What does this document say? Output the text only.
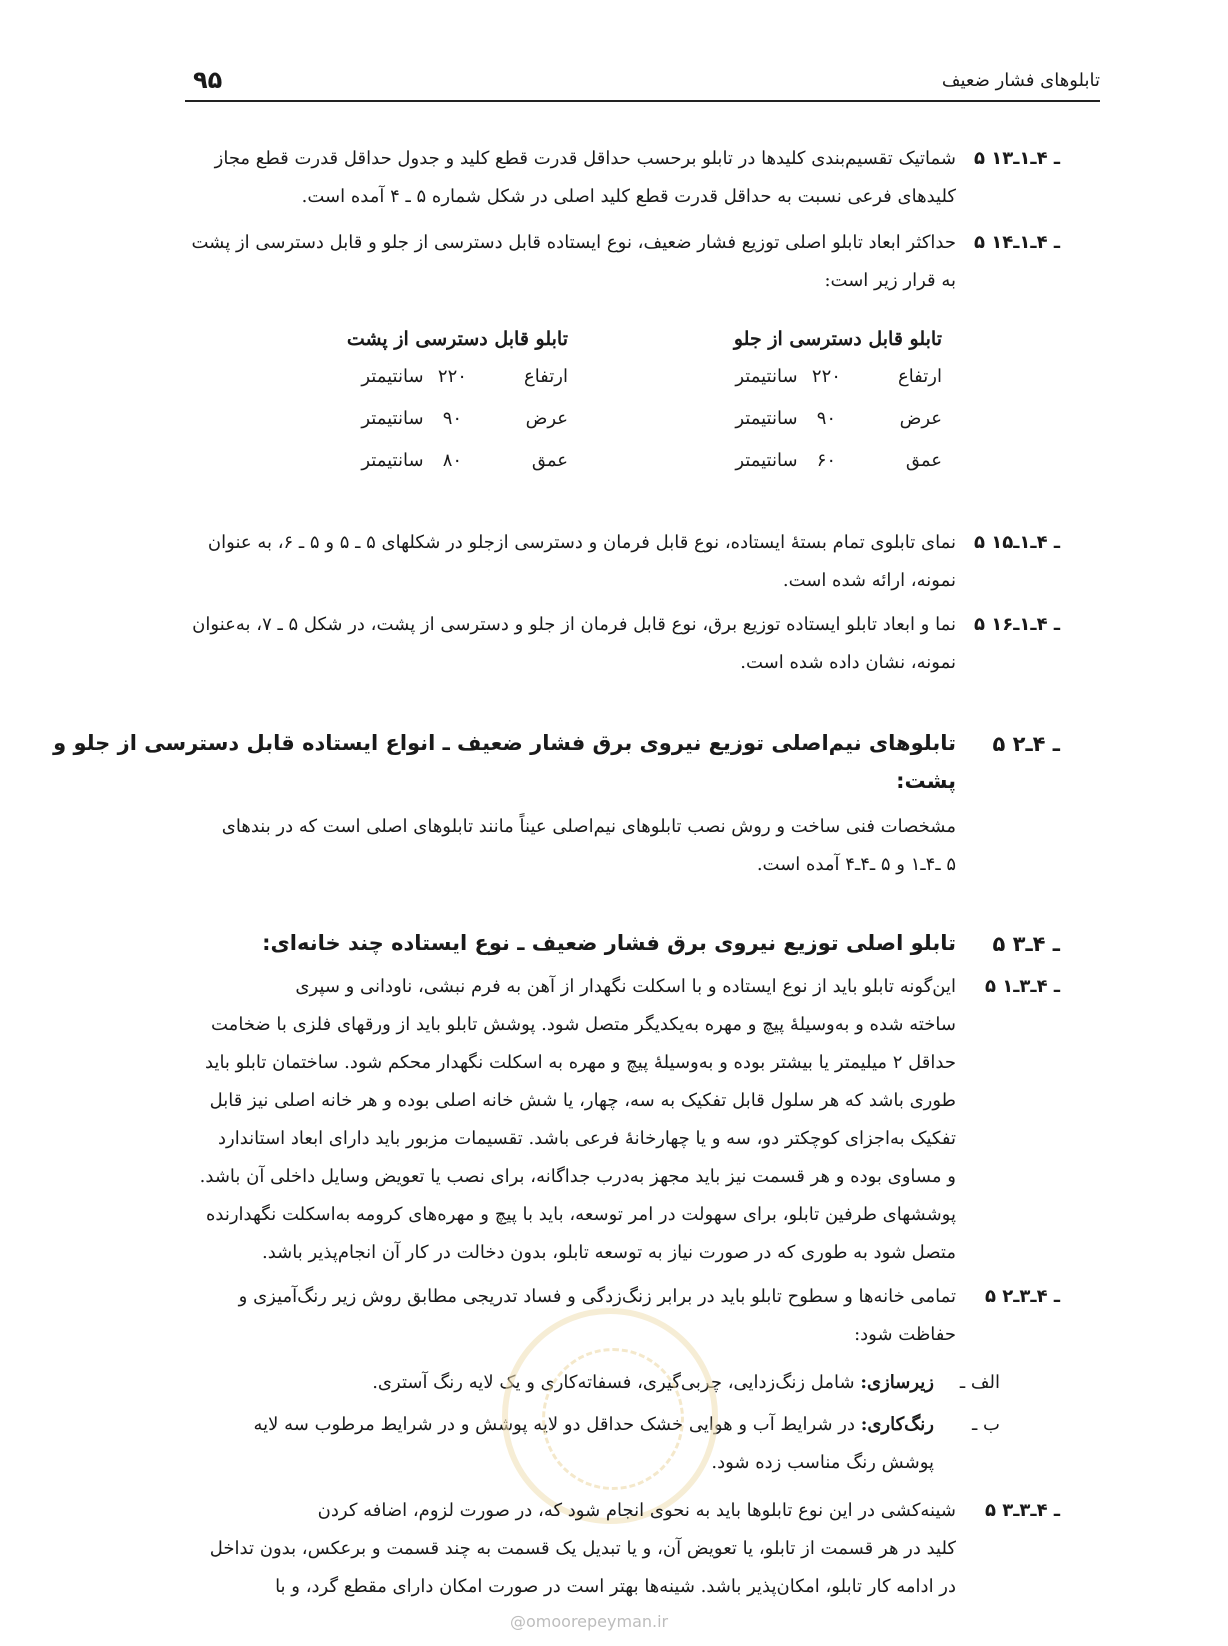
تابلوهای فشار ضعیف
۹۵
۵ ـ ۴ـ۱ـ۱۳
شماتیک تقسیم‌بندی کلیدها در تابلو برحسب حداقل قدرت قطع کلید و جدول حداقل قدرت قطع مجاز
کلیدهای فرعی نسبت به حداقل قدرت قطع کلید اصلی در شکل شماره ۵ ـ ۴ آمده است.
۵ ـ ۴ـ۱ـ۱۴
حداکثر ابعاد تابلو اصلی توزیع فشار ضعیف، نوع ایستاده قابل دسترسی از جلو و قابل دسترسی از پشت
به قرار زیر است:
تابلو قابل دسترسی از جلو
ارتفاع
۲۲۰
سانتیمتر
عرض
۹۰
سانتیمتر
عمق
۶۰
سانتیمتر
تابلو قابل دسترسی از پشت
ارتفاع
۲۲۰
سانتیمتر
عرض
۹۰
سانتیمتر
عمق
۸۰
سانتیمتر
۵ ـ ۴ـ۱ـ۱۵
نمای تابلوی تمام بستهٔ ایستاده، نوع قابل فرمان و دسترسی ازجلو در شکلهای ۵ ـ ۵ و ۵ ـ ۶، به عنوان
نمونه، ارائه شده است.
۵ ـ ۴ـ۱ـ۱۶
نما و ابعاد تابلو ایستاده توزیع برق، نوع قابل فرمان از جلو و دسترسی از پشت، در شکل ۵ ـ ۷، به‌عنوان
نمونه، نشان داده شده است.
۵ ـ ۴ـ۲
تابلوهای نیم‌اصلی توزیع نیروی برق فشار ضعیف ـ انواع ایستاده قابل دسترسی از جلو و
پشت:
مشخصات فنی ساخت و روش نصب تابلوهای نیم‌اصلی عیناً مانند تابلوهای اصلی است که در بندهای
۵ ـ۴ـ۱ و ۵ ـ۴ـ۴ آمده است.
۵ ـ ۴ـ۳
تابلو اصلی توزیع نیروی برق فشار ضعیف ـ نوع ایستاده چند خانه‌ای:
۵ ـ ۴ـ۳ـ۱
این‌گونه تابلو باید از نوع ایستاده و با اسکلت نگهدار از آهن به فرم نبشی، ناودانی و سپری
ساخته شده و به‌وسیلهٔ پیچ و مهره به‌یکدیگر متصل شود. پوشش تابلو باید از ورقهای فلزی با ضخامت
حداقل ۲ میلیمتر یا بیشتر بوده و به‌وسیلهٔ پیچ و مهره به اسکلت نگهدار محکم شود. ساختمان تابلو باید
طوری باشد که هر سلول قابل تفکیک به سه، چهار، یا شش خانه اصلی بوده و هر خانه اصلی نیز قابل
تفکیک به‌اجزای کوچکتر دو، سه و یا چهارخانهٔ فرعی باشد. تقسیمات مزبور باید دارای ابعاد استاندارد
و مساوی بوده و هر قسمت نیز باید مجهز به‌درب جداگانه، برای نصب یا تعویض وسایل داخلی آن باشد.
پوششهای طرفین تابلو، برای سهولت در امر توسعه، باید با پیچ و مهره‌های کرومه به‌اسکلت نگهدارنده
متصل شود به طوری که در صورت نیاز به توسعه تابلو، بدون دخالت در کار آن انجام‌پذیر باشد.
۵ ـ ۴ـ۳ـ۲
تمامی خانه‌ها و سطوح تابلو باید در برابر زنگ‌زدگی و فساد تدریجی مطابق روش زیر رنگ‌آمیزی و
حفاظت شود:
الف ـ
زیرسازی: شامل زنگ‌زدایی، چربی‌گیری، فسفاته‌کاری و یک لایه رنگ آستری.
ب ـ
رنگ‌کاری: در شرایط آب و هوایی خشک حداقل دو لایه پوشش و در شرایط مرطوب سه لایه
پوشش رنگ مناسب زده شود.
۵ ـ ۴ـ۳ـ۳
شینه‌کشی در این نوع تابلوها باید به نحوی انجام شود که، در صورت لزوم، اضافه کردن
کلید در هر قسمت از تابلو، یا تعویض آن، و یا تبدیل یک قسمت به چند قسمت و برعکس، بدون تداخل
در ادامه کار تابلو، امکان‌پذیر باشد. شینه‌ها بهتر است در صورت امکان دارای مقطع گرد، و با
@omoorepeyman.ir
